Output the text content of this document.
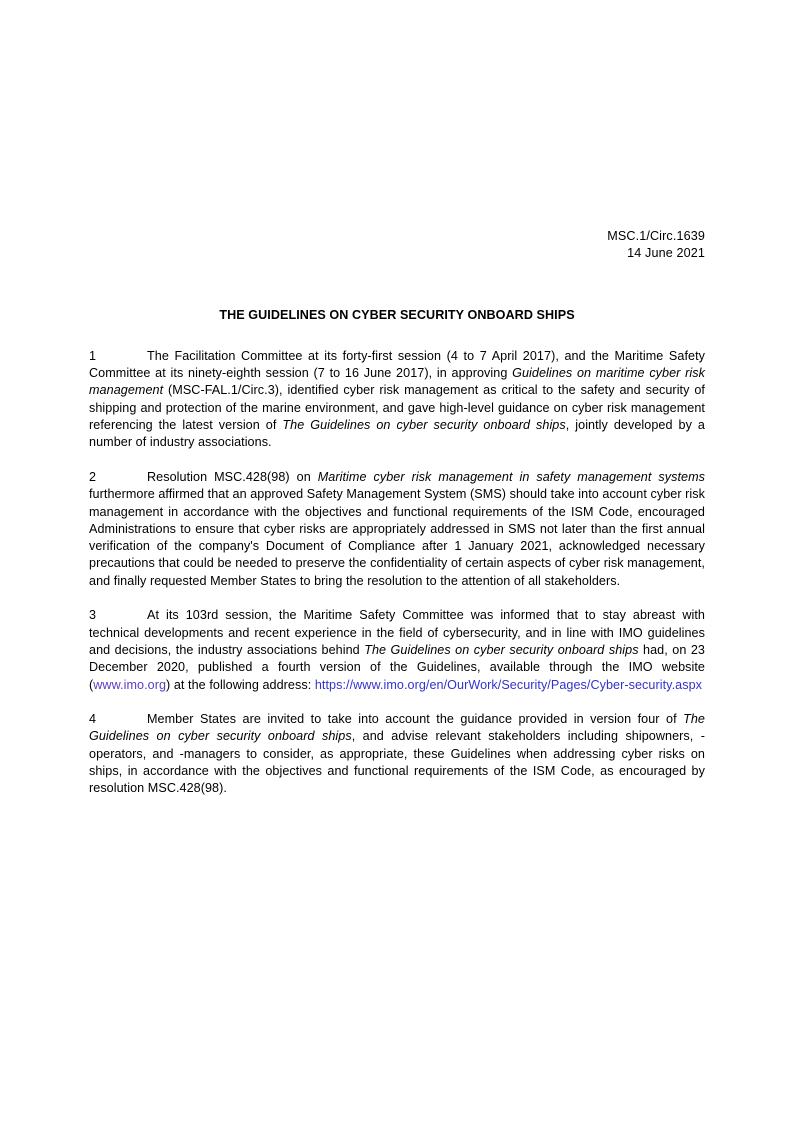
MSC.1/Circ.1639
14 June 2021
THE GUIDELINES ON CYBER SECURITY ONBOARD SHIPS
1	The Facilitation Committee at its forty-first session (4 to 7 April 2017), and the Maritime Safety Committee at its ninety-eighth session (7 to 16 June 2017), in approving Guidelines on maritime cyber risk management (MSC-FAL.1/Circ.3), identified cyber risk management as critical to the safety and security of shipping and protection of the marine environment, and gave high-level guidance on cyber risk management referencing the latest version of The Guidelines on cyber security onboard ships, jointly developed by a number of industry associations.
2	Resolution MSC.428(98) on Maritime cyber risk management in safety management systems furthermore affirmed that an approved Safety Management System (SMS) should take into account cyber risk management in accordance with the objectives and functional requirements of the ISM Code, encouraged Administrations to ensure that cyber risks are appropriately addressed in SMS not later than the first annual verification of the company's Document of Compliance after 1 January 2021, acknowledged necessary precautions that could be needed to preserve the confidentiality of certain aspects of cyber risk management, and finally requested Member States to bring the resolution to the attention of all stakeholders.
3	At its 103rd session, the Maritime Safety Committee was informed that to stay abreast with technical developments and recent experience in the field of cybersecurity, and in line with IMO guidelines and decisions, the industry associations behind The Guidelines on cyber security onboard ships had, on 23 December 2020, published a fourth version of the Guidelines, available through the IMO website (www.imo.org) at the following address: https://www.imo.org/en/OurWork/Security/Pages/Cyber-security.aspx
4	Member States are invited to take into account the guidance provided in version four of The Guidelines on cyber security onboard ships, and advise relevant stakeholders including shipowners, -operators, and -managers to consider, as appropriate, these Guidelines when addressing cyber risks on ships, in accordance with the objectives and functional requirements of the ISM Code, as encouraged by resolution MSC.428(98).
